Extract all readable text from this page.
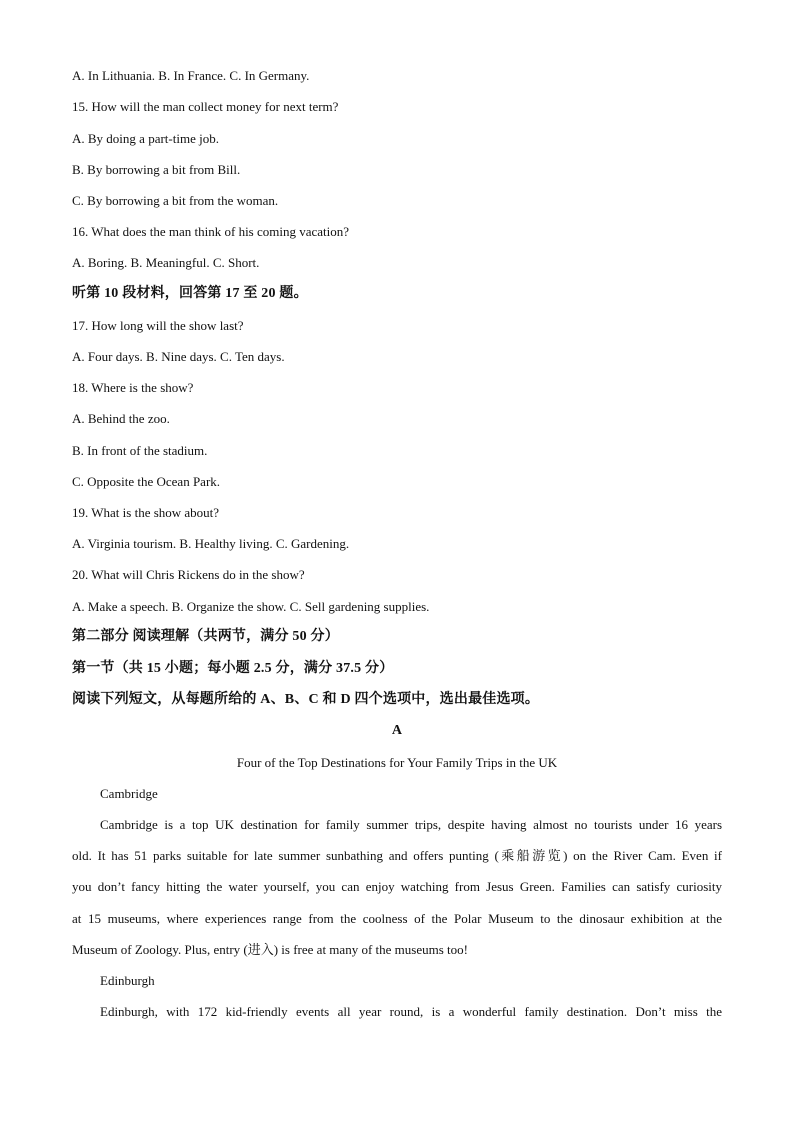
A. In Lithuania. B. In France. C. In Germany.
15. How will the man collect money for next term?
A. By doing a part-time job.
B. By borrowing a bit from Bill.
C. By borrowing a bit from the woman.
16. What does the man think of his coming vacation?
A. Boring. B. Meaningful. C. Short.
听第 10 段材料，回答第 17 至 20 题。
17. How long will the show last?
A. Four days. B. Nine days. C. Ten days.
18. Where is the show?
A. Behind the zoo.
B. In front of the stadium.
C. Opposite the Ocean Park.
19. What is the show about?
A. Virginia tourism. B. Healthy living. C. Gardening.
20. What will Chris Rickens do in the show?
A. Make a speech. B. Organize the show. C. Sell gardening supplies.
第二部分 阅读理解（共两节，满分 50 分）
第一节（共 15 小题；每小题 2.5 分，满分 37.5 分）
阅读下列短文，从每题所给的 A、B、C 和 D 四个选项中，选出最佳选项。
A
Four of the Top Destinations for Your Family Trips in the UK
Cambridge
Cambridge is a top UK destination for family summer trips, despite having almost no tourists under 16 years
old. It has 51 parks suitable for late summer sunbathing and offers punting (乘船游览) on the River Cam. Even if
you don’t fancy hitting the water yourself, you can enjoy watching from Jesus Green. Families can satisfy curiosity
at 15 museums, where experiences range from the coolness of the Polar Museum to the dinosaur exhibition at the
Museum of Zoology. Plus, entry (进入) is free at many of the museums too!
Edinburgh
Edinburgh, with 172 kid-friendly events all year round, is a wonderful family destination. Don’t miss the
